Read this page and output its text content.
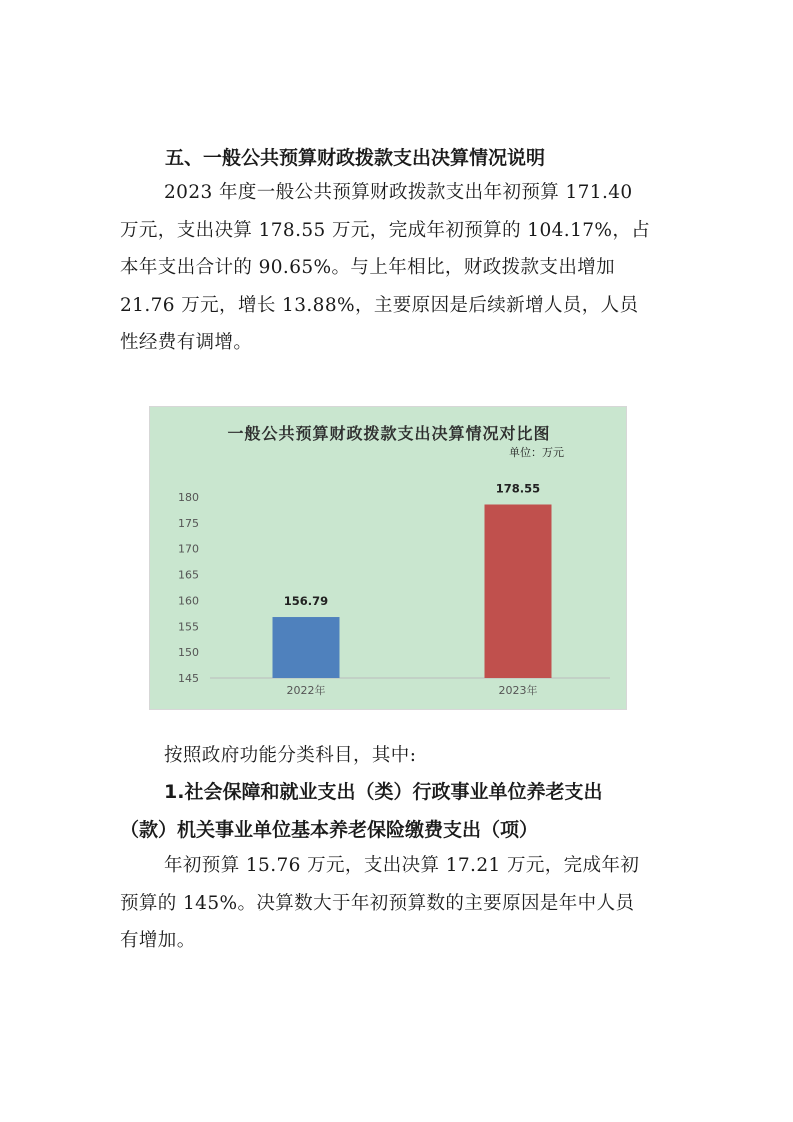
五、一般公共预算财政拨款支出决算情况说明
2023 年度一般公共预算财政拨款支出年初预算 171.40
万元，支出决算 178.55 万元，完成年初预算的 104.17%，占
本年支出合计的 90.65%。与上年相比，财政拨款支出增加
21.76 万元，增长 13.88%，主要原因是后续新增人员，人员
性经费有调增。
一般公共预算财政拨款支出决算情况对比图
单位：万元
145
150
155
160
165
170
175
180
156.79
2022年
178.55
2023年
按照政府功能分类科目，其中:
1.社会保障和就业支出（类）行政事业单位养老支出
（款）机关事业单位基本养老保险缴费支出（项）
年初预算 15.76 万元，支出决算 17.21 万元，完成年初
预算的 145%。决算数大于年初预算数的主要原因是年中人员
有增加。
